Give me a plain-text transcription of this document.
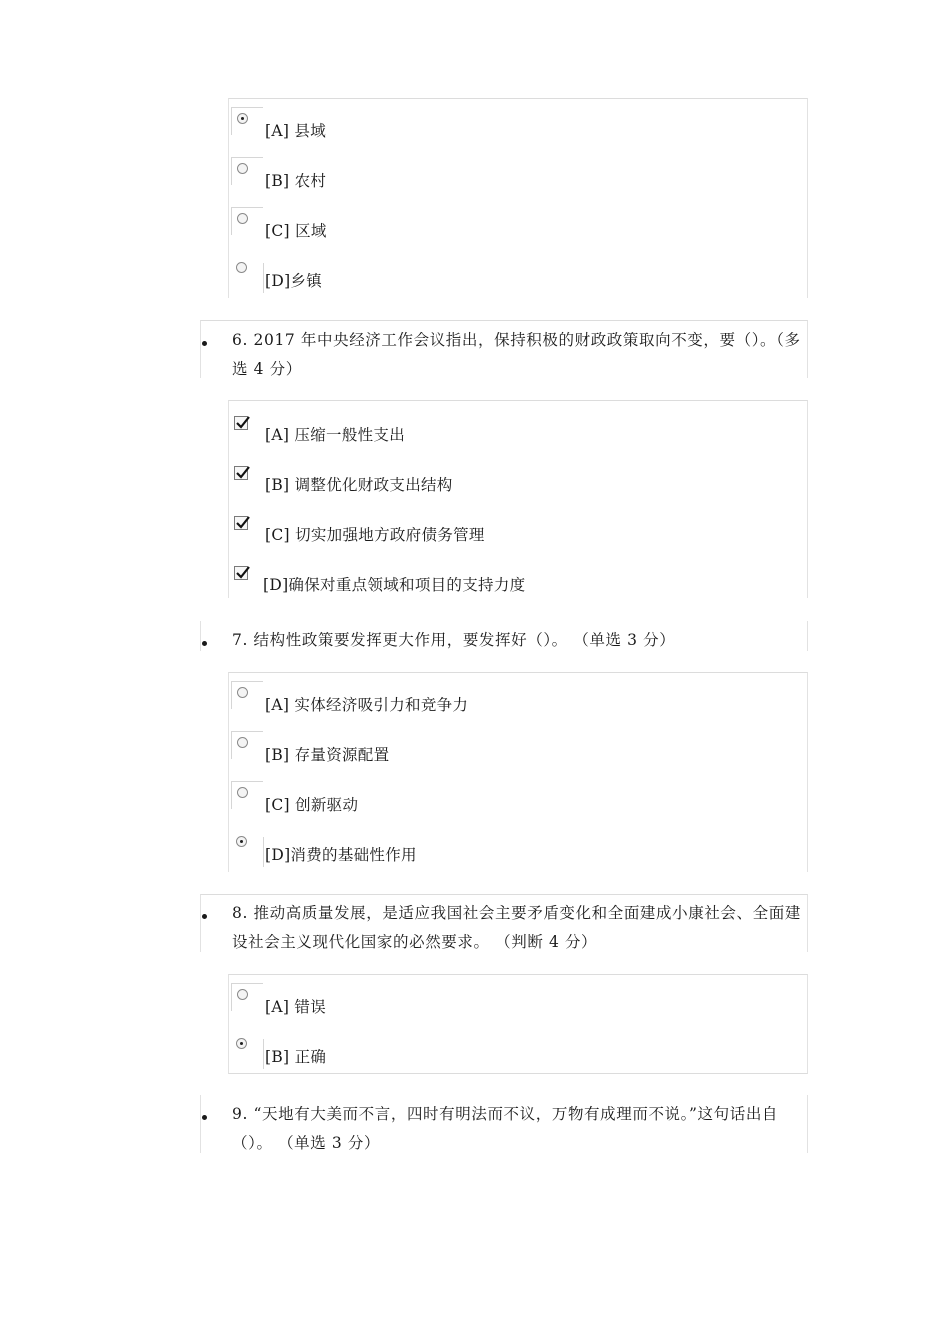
[A] 县域
[B] 农村
[C] 区域
[D]乡镇
6. 2017 年中央经济工作会议指出，保持积极的财政政策取向不变，要（）。（多选 4 分）
[A] 压缩一般性支出
[B] 调整优化财政支出结构
[C] 切实加强地方政府债务管理
[D]确保对重点领域和项目的支持力度
7. 结构性政策要发挥更大作用，要发挥好（）。 （单选 3 分）
[A] 实体经济吸引力和竞争力
[B] 存量资源配置
[C] 创新驱动
[D]消费的基础性作用
8. 推动高质量发展，是适应我国社会主要矛盾变化和全面建成小康社会、全面建设社会主义现代化国家的必然要求。 （判断 4 分）
[A] 错误
[B] 正确
9. “天地有大美而不言，四时有明法而不议，万物有成理而不说。”这句话出自（）。 （单选 3 分）
